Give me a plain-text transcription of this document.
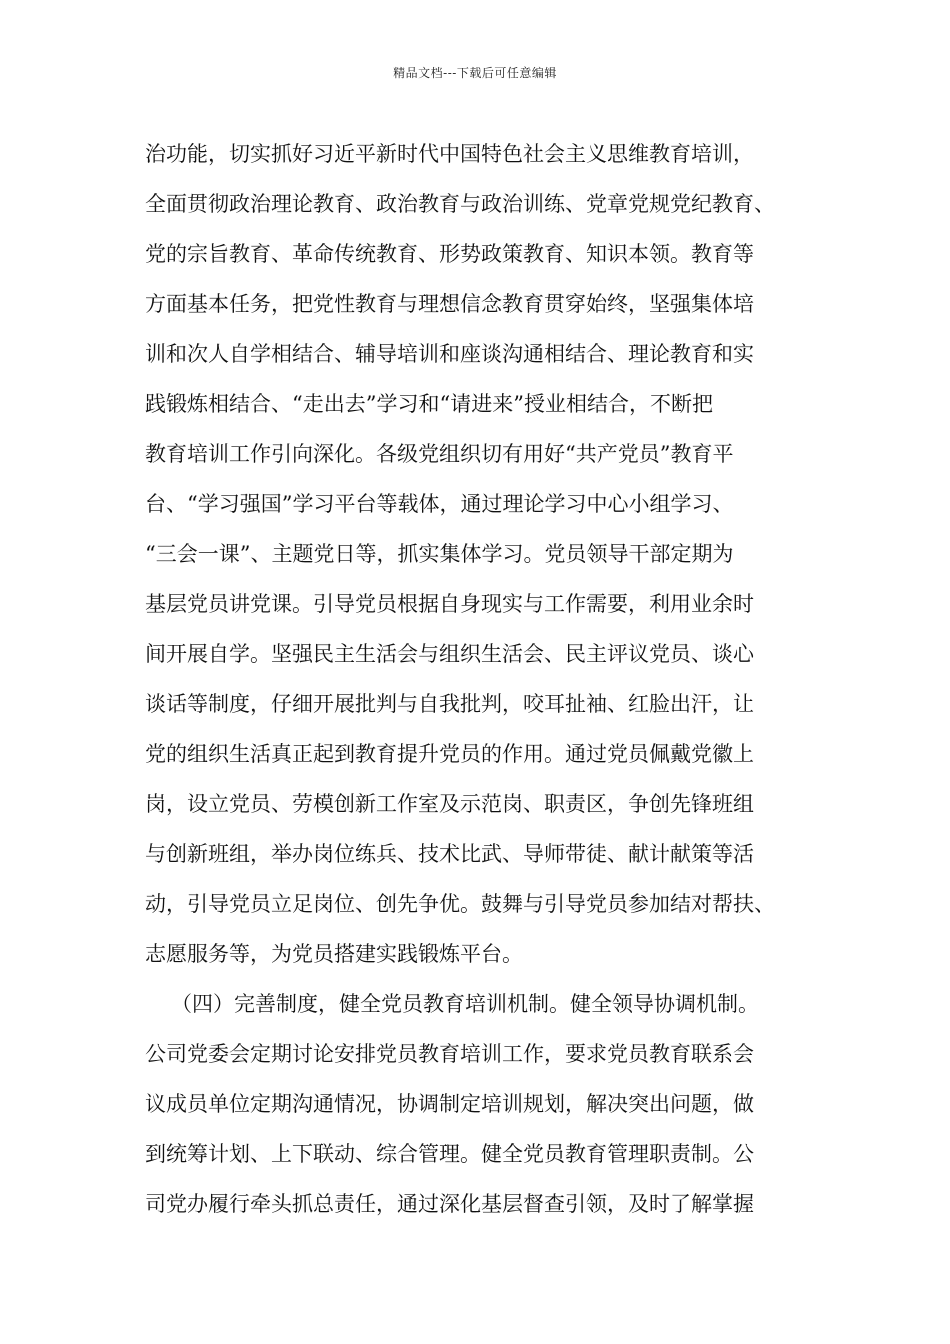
精品文档---下载后可任意编辑
治功能，切实抓好习近平新时代中国特色社会主义思维教育培训，
全面贯彻政治理论教育、政治教育与政治训练、党章党规党纪教育、
党的宗旨教育、革命传统教育、形势政策教育、知识本领。教育等
方面基本任务，把党性教育与理想信念教育贯穿始终，坚强集体培
训和次人自学相结合、辅导培训和座谈沟通相结合、理论教育和实
践锻炼相结合、“走出去”学习和“请进来”授业相结合，不断把
教育培训工作引向深化。各级党组织切有用好“共产党员”教育平
台、“学习强国”学习平台等载体，通过理论学习中心小组学习、
“三会一课”、主题党日等，抓实集体学习。党员领导干部定期为
基层党员讲党课。引导党员根据自身现实与工作需要，利用业余时
间开展自学。坚强民主生活会与组织生活会、民主评议党员、谈心
谈话等制度，仔细开展批判与自我批判，咬耳扯袖、红脸出汗，让
党的组织生活真正起到教育提升党员的作用。通过党员佩戴党徽上
岗，设立党员、劳模创新工作室及示范岗、职责区，争创先锋班组
与创新班组，举办岗位练兵、技术比武、导师带徒、献计献策等活
动，引导党员立足岗位、创先争优。鼓舞与引导党员参加结对帮扶、
志愿服务等，为党员搭建实践锻炼平台。
（四）完善制度，健全党员教育培训机制。健全领导协调机制。
公司党委会定期讨论安排党员教育培训工作，要求党员教育联系会
议成员单位定期沟通情况，协调制定培训规划，解决突出问题，做
到统筹计划、上下联动、综合管理。健全党员教育管理职责制。公
司党办履行牵头抓总责任，通过深化基层督查引领，及时了解掌握
